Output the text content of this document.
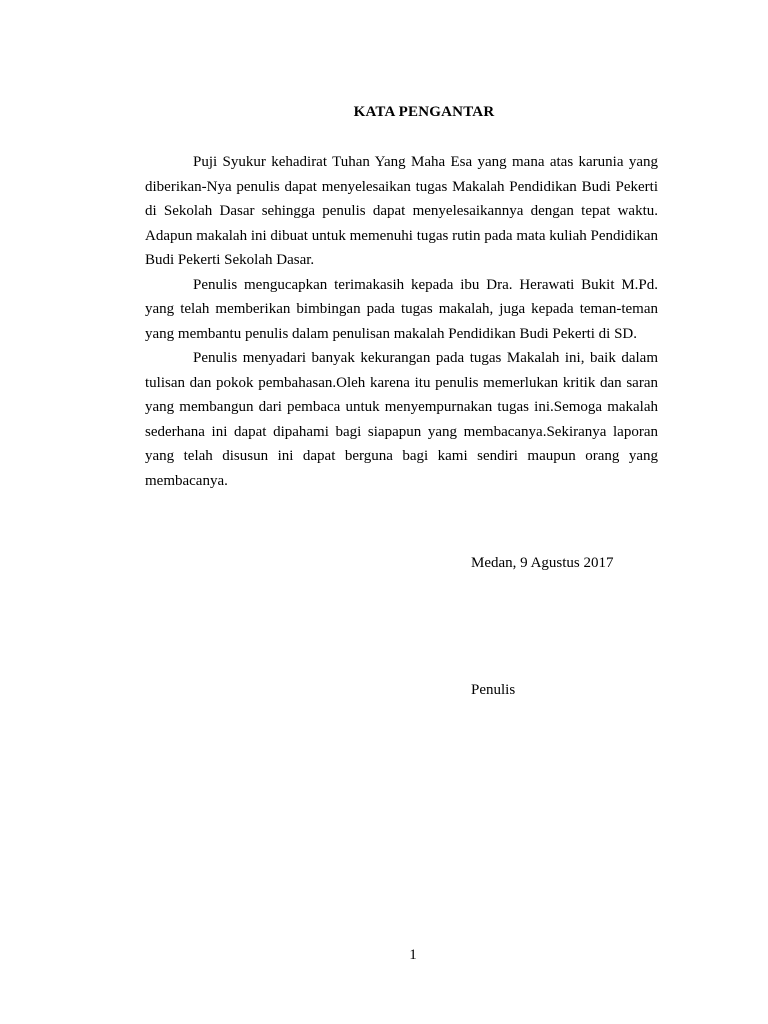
KATA PENGANTAR

Puji Syukur kehadirat Tuhan Yang Maha Esa yang mana atas karunia yang diberikan-Nya penulis dapat menyelesaikan tugas Makalah Pendidikan Budi Pekerti di Sekolah Dasar sehingga penulis dapat menyelesaikannya dengan tepat waktu. Adapun makalah ini dibuat untuk memenuhi tugas rutin pada mata kuliah Pendidikan Budi Pekerti Sekolah Dasar.

Penulis mengucapkan terimakasih kepada ibu Dra. Herawati Bukit M.Pd. yang telah memberikan bimbingan pada tugas makalah, juga kepada teman-teman yang membantu penulis dalam penulisan makalah Pendidikan Budi Pekerti di SD.

Penulis menyadari banyak kekurangan pada tugas Makalah ini, baik dalam tulisan dan pokok pembahasan.Oleh karena itu penulis memerlukan kritik dan saran yang membangun dari pembaca untuk menyempurnakan tugas ini.Semoga makalah sederhana ini dapat dipahami bagi siapapun yang membacanya.Sekiranya laporan yang telah disusun ini dapat berguna bagi kami sendiri maupun orang yang membacanya.

Medan, 9 Agustus 2017
Penulis
1
